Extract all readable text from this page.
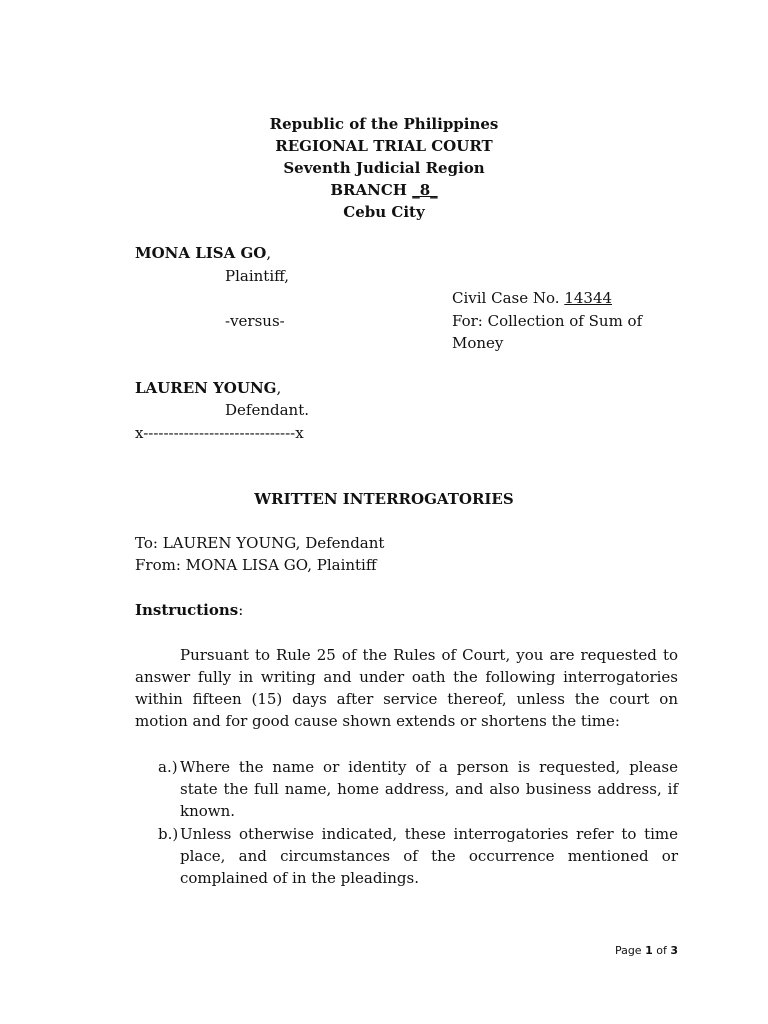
Republic of the Philippines
REGIONAL TRIAL COURT
Seventh Judicial Region
BRANCH _8_
Cebu City
MONA LISA GO,
Plaintiff,
Civil Case No. 14344
-versus-	For: Collection of Sum of
Money
LAUREN YOUNG,
Defendant.
x------------------------------x
WRITTEN INTERROGATORIES
To: LAUREN YOUNG, Defendant
From: MONA LISA GO, Plaintiff
Instructions:
Pursuant to Rule 25 of the Rules of Court, you are requested to answer fully in writing and under oath the following interrogatories within fifteen (15) days after service thereof, unless the court on motion and for good cause shown extends or shortens the time:
a.) Where the name or identity of a person is requested, please state the full name, home address, and also business address, if known.
b.) Unless otherwise indicated, these interrogatories refer to time place, and circumstances of the occurrence mentioned or complained of in the pleadings.
Page 1 of 3
